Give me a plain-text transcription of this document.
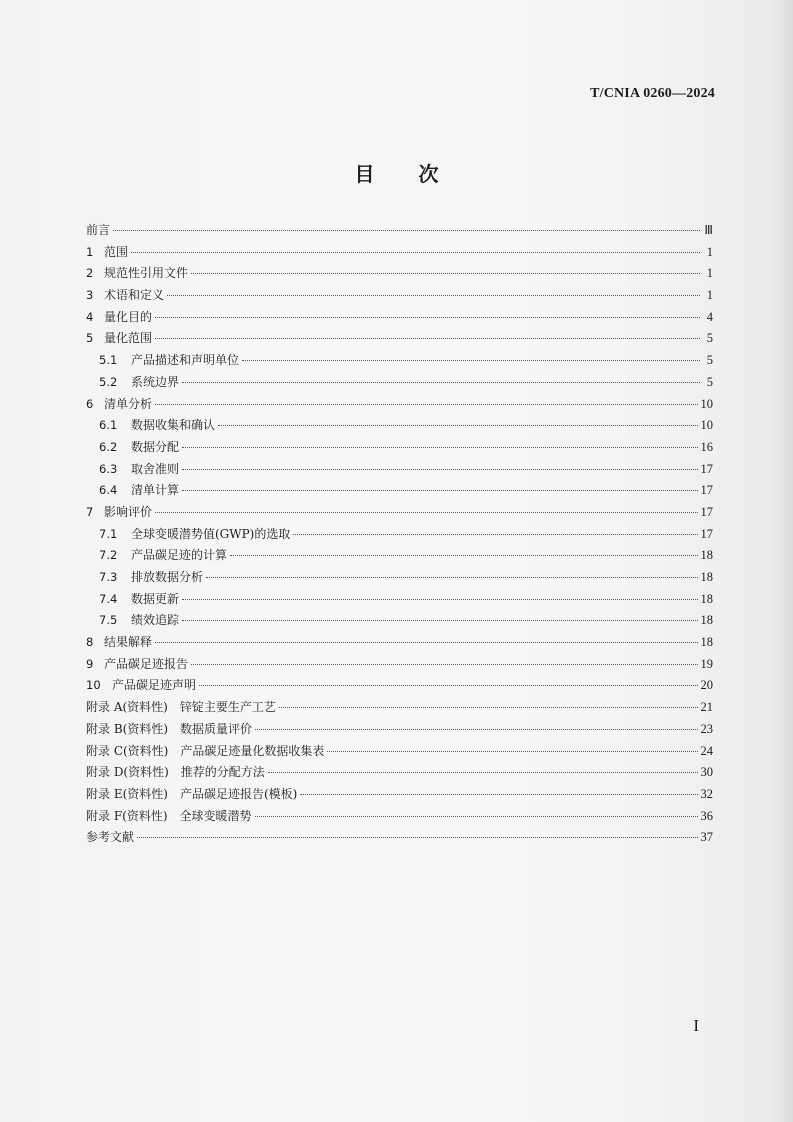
T/CNIA 0260—2024
目 次
前言	Ⅲ
1 范围	1
2 规范性引用文件	1
3 术语和定义	1
4 量化目的	4
5 量化范围	5
5.1	产品描述和声明单位	5
5.2	系统边界	5
6 清单分析	10
6.1	数据收集和确认	10
6.2	数据分配	16
6.3	取舍准则	17
6.4	清单计算	17
7 影响评价	17
7.1	全球变暖潜势值(GWP)的选取	17
7.2	产品碳足迹的计算	18
7.3	排放数据分析	18
7.4	数据更新	18
7.5	绩效追踪	18
8 结果解释	18
9 产品碳足迹报告	19
10 产品碳足迹声明	20
附录 A(资料性)　锌锭主要生产工艺	21
附录 B(资料性)　数据质量评价	23
附录 C(资料性)　产品碳足迹量化数据收集表	24
附录 D(资料性)　推荐的分配方法	30
附录 E(资料性)　产品碳足迹报告(模板)	32
附录 F(资料性)　全球变暖潜势	36
参考文献	37
I
